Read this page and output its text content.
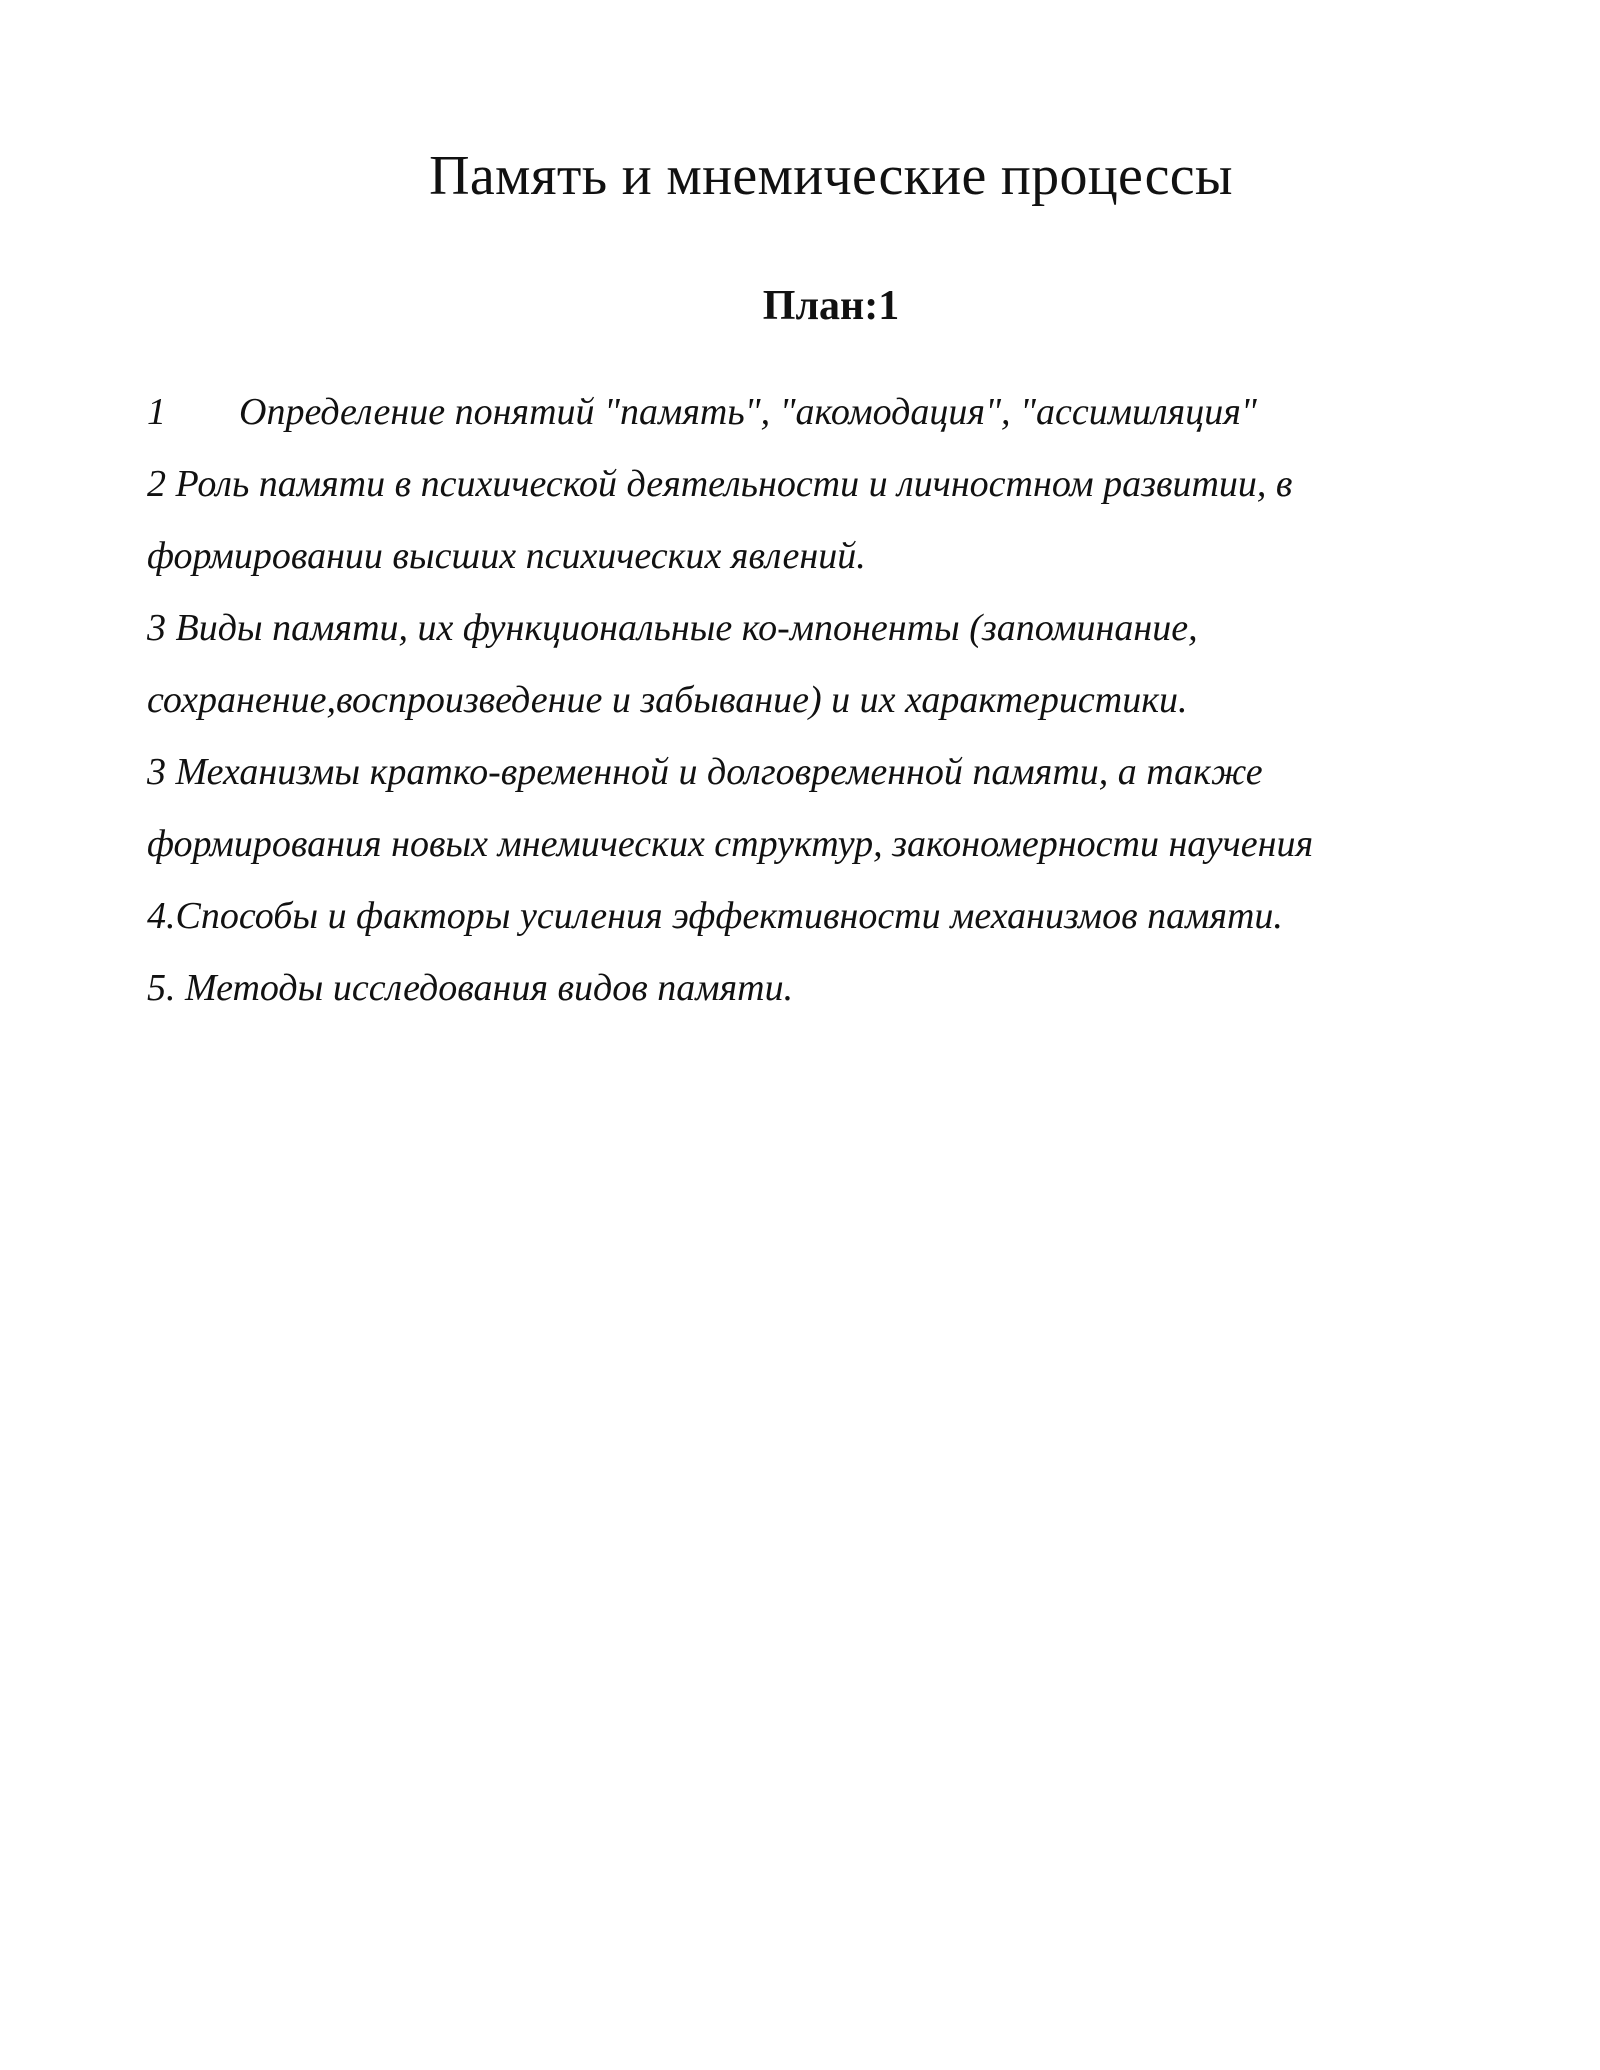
Память и мнемические процессы
План:1
1 Определение понятий "память", "акомодация", "ассимиляция"
2 Роль памяти в психической деятельности и личностном развитии, в
формировании высших психических явлений.
3 Виды памяти, их функциональные ко-мпоненты (запоминание,
сохранение,воспроизведение и забывание) и их характеристики.
3 Механизмы кратко-временной и долговременной памяти, а также
формирования новых мнемических структур, закономерности научения
4.Способы и факторы усиления эффективности механизмов памяти.
5. Методы исследования видов памяти.
